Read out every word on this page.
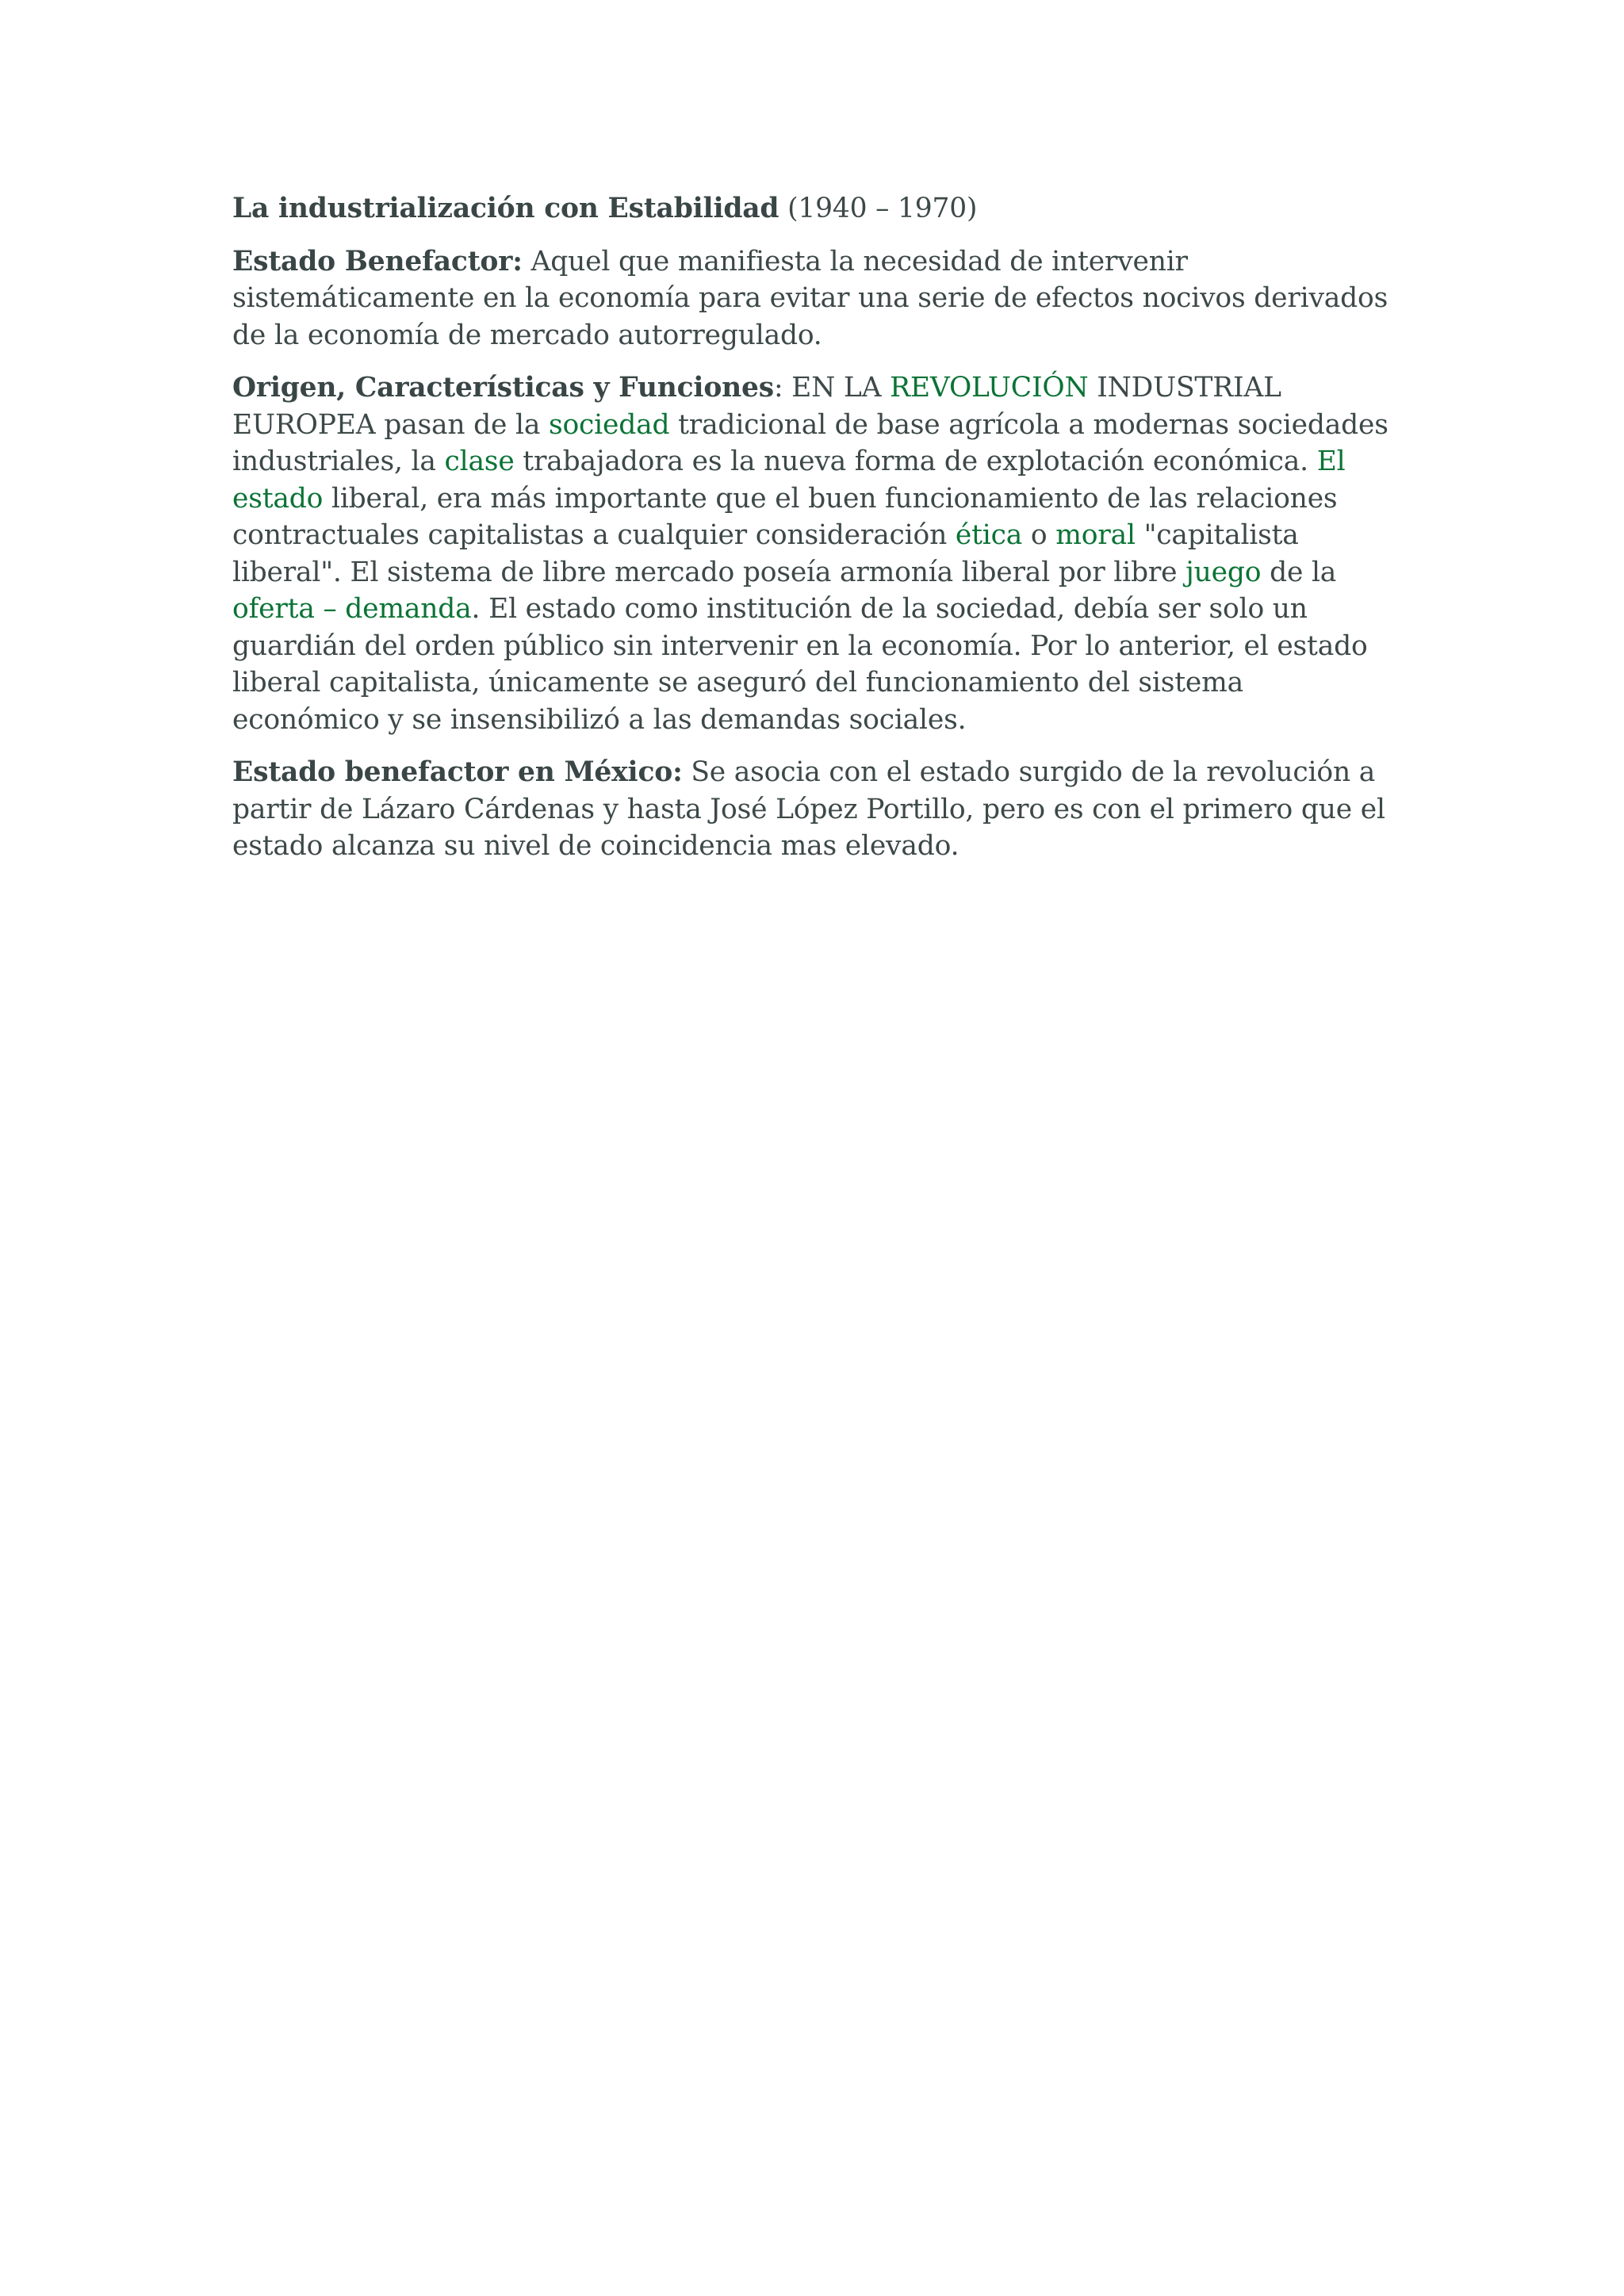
La industrialización con Estabilidad (1940 – 1970)

Estado Benefactor: Aquel que manifiesta la necesidad de intervenir sistemáticamente en la economía para evitar una serie de efectos nocivos derivados de la economía de mercado autorregulado.

Origen, Características y Funciones: EN LA REVOLUCIÓN INDUSTRIAL EUROPEA pasan de la sociedad tradicional de base agrícola a modernas sociedades industriales, la clase trabajadora es la nueva forma de explotación económica. El estado liberal, era más importante que el buen funcionamiento de las relaciones contractuales capitalistas a cualquier consideración ética o moral "capitalista liberal". El sistema de libre mercado poseía armonía liberal por libre juego de la oferta – demanda. El estado como institución de la sociedad, debía ser solo un guardián del orden público sin intervenir en la economía. Por lo anterior, el estado liberal capitalista, únicamente se aseguró del funcionamiento del sistema económico y se insensibilizó a las demandas sociales.

Estado benefactor en México: Se asocia con el estado surgido de la revolución a partir de Lázaro Cárdenas y hasta José López Portillo, pero es con el primero que el estado alcanza su nivel de coincidencia mas elevado.
